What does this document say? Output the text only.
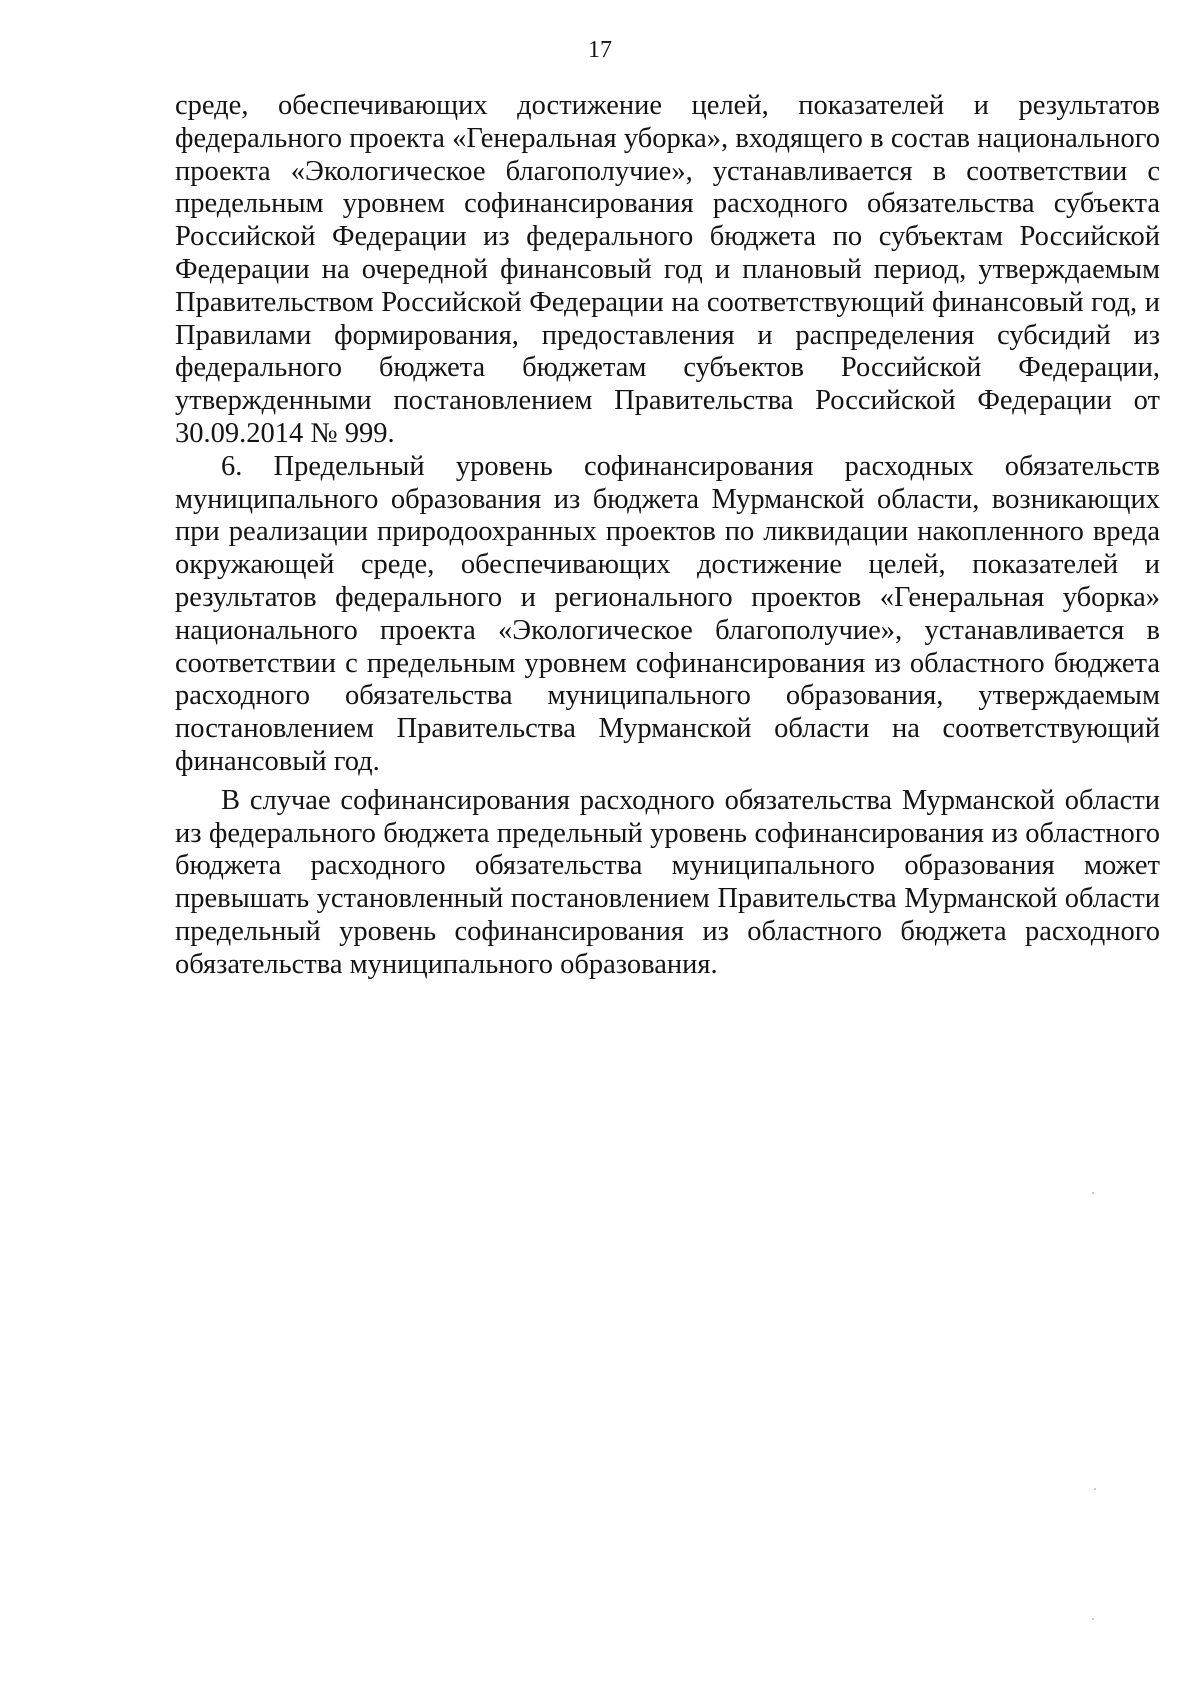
17

среде, обеспечивающих достижение целей, показателей и результатов федерального проекта «Генеральная уборка», входящего в состав национального проекта «Экологическое благополучие», устанавливается в соответствии с предельным уровнем софинансирования расходного обязательства субъекта Российской Федерации из федерального бюджета по субъектам Российской Федерации на очередной финансовый год и плановый период, утверждаемым Правительством Российской Федерации на соответствующий финансовый год, и Правилами формирования, предоставления и распределения субсидий из федерального бюджета бюджетам субъектов Российской Федерации, утвержденными постановлением Правительства Российской Федерации от 30.09.2014 № 999.

6. Предельный уровень софинансирования расходных обязательств муниципального образования из бюджета Мурманской области, возникающих при реализации природоохранных проектов по ликвидации накопленного вреда окружающей среде, обеспечивающих достижение целей, показателей и результатов федерального и регионального проектов «Генеральная уборка» национального проекта «Экологическое благополучие», устанавливается в соответствии с предельным уровнем софинансирования из областного бюджета расходного обязательства муниципального образования, утверждаемым постановлением Правительства Мурманской области на соответствующий финансовый год.

В случае софинансирования расходного обязательства Мурманской области из федерального бюджета предельный уровень софинансирования из областного бюджета расходного обязательства муниципального образования может превышать установленный постановлением Правительства Мурманской области предельный уровень софинансирования из областного бюджета расходного обязательства муниципального образования.
